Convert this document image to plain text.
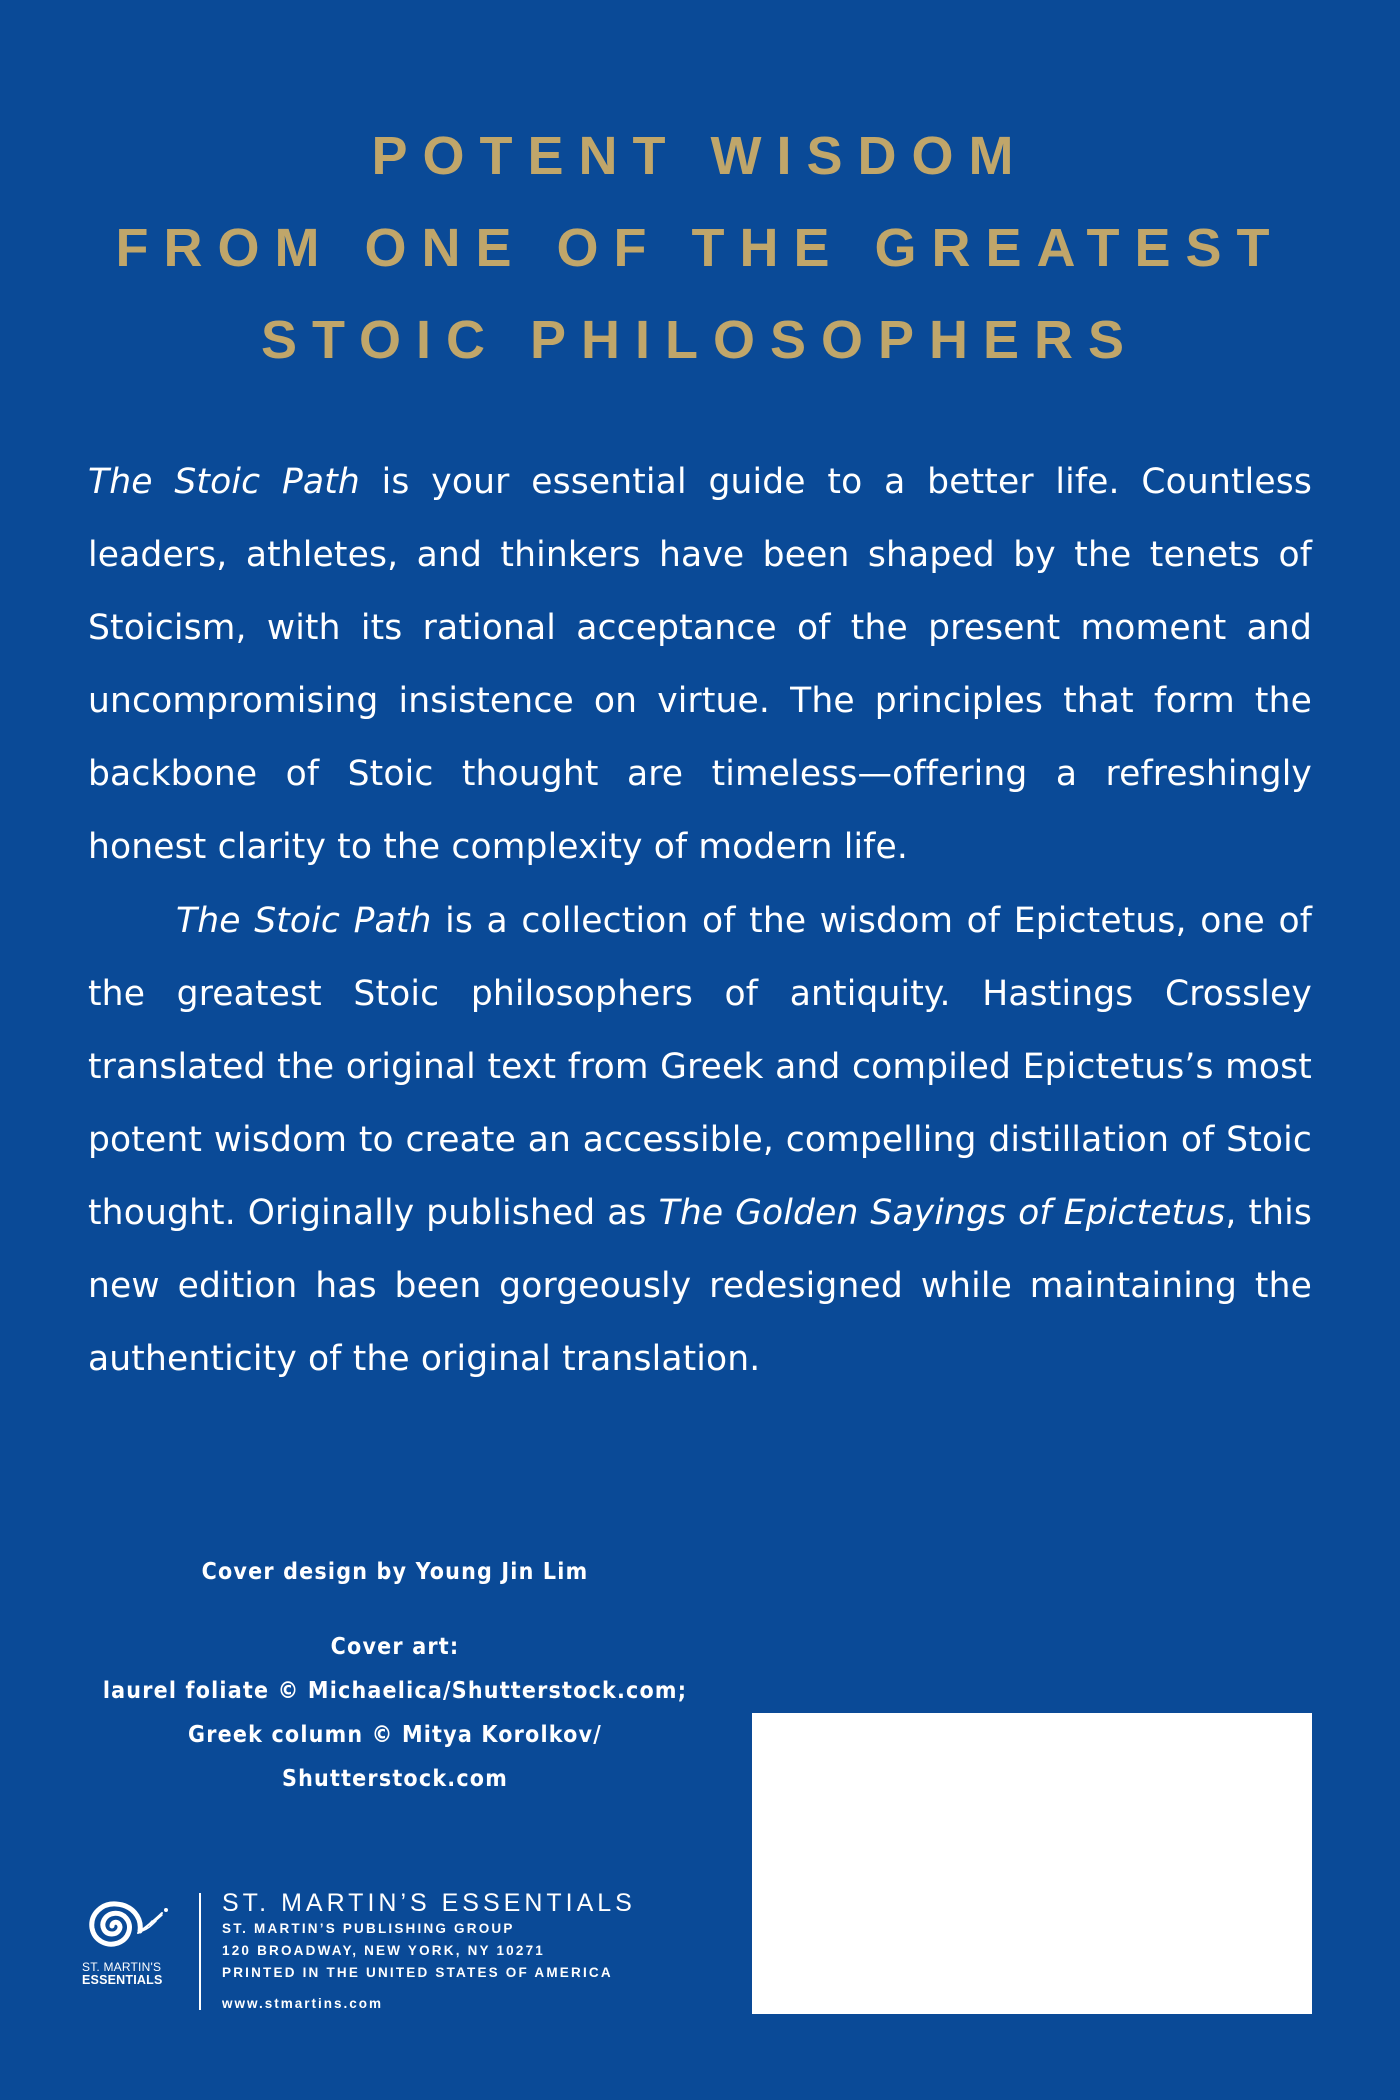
POTENT WISDOM
FROM ONE OF THE GREATEST
STOIC PHILOSOPHERS

The Stoic Path is your essential guide to a better life. Countless leaders, athletes, and thinkers have been shaped by the tenets of Stoicism, with its rational acceptance of the present moment and uncompromising insistence on virtue. The principles that form the backbone of Stoic thought are timeless—offering a refreshingly honest clarity to the complexity of modern life.

The Stoic Path is a collection of the wisdom of Epictetus, one of the greatest Stoic philosophers of antiquity. Hastings Crossley translated the original text from Greek and compiled Epictetus’s most potent wisdom to create an accessible, compelling distillation of Stoic thought. Originally published as The Golden Sayings of Epictetus, this new edition has been gorgeously redesigned while maintaining the authenticity of the original translation.

Cover design by Young Jin Lim
Cover art:
laurel foliate © Michaelica/Shutterstock.com;
Greek column © Mitya Korolkov/
Shutterstock.com
ST. MARTIN'S
ESSENTIALS
ST. MARTIN’S ESSENTIALS
ST. MARTIN’S PUBLISHING GROUP
120 BROADWAY, NEW YORK, NY 10271
PRINTED IN THE UNITED STATES OF AMERICA
www.stmartins.com
